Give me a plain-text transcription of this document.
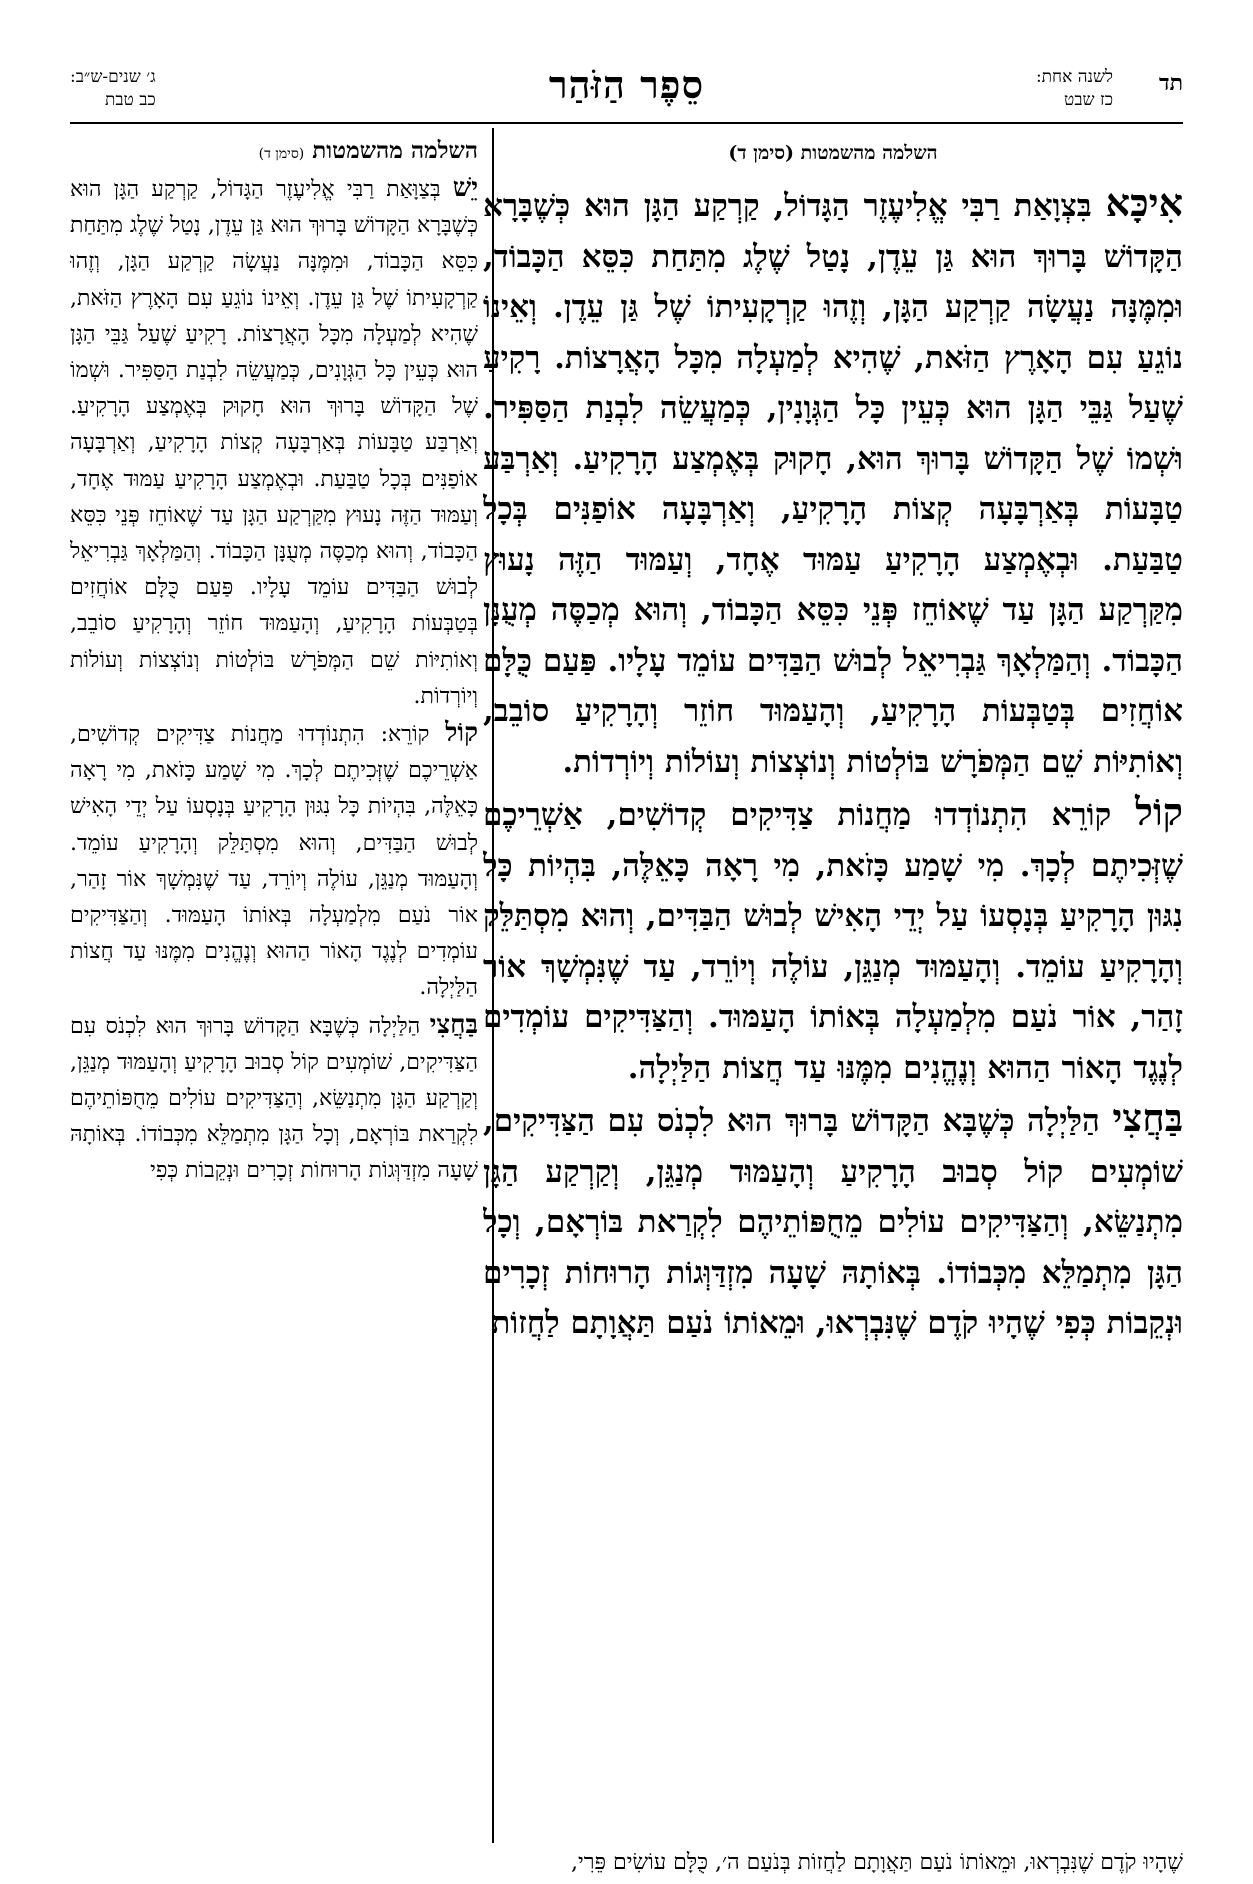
תד
לשנה אחת:
כז שבט
סֵפֶר הַזֹּהַר
ג׳ שנים-ש״ב:
כב טבת
השלמה מהשמטות (סימן ד)

אִיכָּא בִּצְוָאַת רַבִּי אֱלִיעֶזֶר הַגָּדוֹל, קַרְקַע הַגָּן הוּא כְּשֶׁבָּרָא הַקָּדוֹשׁ בָּרוּךְ הוּא גַּן עֵדֶן, נָטַל שֶׁלֶג מִתַּחַת כִּסֵּא הַכָּבוֹד, וּמִמֶּנָּה נַעֲשָׂה קַרְקַע הַגָּן, וְזֶהוּ קַרְקָעִיתוֹ שֶׁל גַּן עֵדֶן. וְאֵינוֹ נוֹגֵעַ עִם הָאָרֶץ הַזֹּאת, שֶׁהִיא לְמַעְלָה מִכָּל הָאֲרָצוֹת. רָקִיעַ שֶׁעַל גַּבֵּי הַגָּן הוּא כְּעֵין כָּל הַגְּוָנִין, כְּמַעֲשֵׂה לִבְנַת הַסַּפִּיר. וּשְׁמוֹ שֶׁל הַקָּדוֹשׁ בָּרוּךְ הוּא, חָקוּק בְּאֶמְצַע הָרָקִיעַ. וְאַרְבַּע טַבָּעוֹת בְּאַרְבָּעָה קְצוֹת הָרָקִיעַ, וְאַרְבָּעָה אוֹפַנִּים בְּכָל טַבַּעַת. וּבְאֶמְצַע הָרָקִיעַ עַמּוּד אֶחָד, וְעַמּוּד הַזֶּה נָעוּץ מִקַּרְקַע הַגָּן עַד שֶׁאוֹחֵז פְּנֵי כִּסֵּא הַכָּבוֹד, וְהוּא מְכַסֶּה מְעֻנָּן הַכָּבוֹד. וְהַמַּלְאָךְ גַּבְרִיאֵל לְבוּשׁ הַבַּדִּים עוֹמֵד עָלָיו. פַּעַם כֻּלָּם אוֹחֲזִים בְּטַבְּעוֹת הָרָקִיעַ, וְהָעַמּוּד חוֹזֵר וְהָרָקִיעַ סוֹבֵב, וְאוֹתִיּוֹת שֵׁם הַמְּפֹרָשׁ בּוֹלְטוֹת וְנוֹצְצוֹת וְעוֹלוֹת וְיוֹרְדוֹת.

קוֹל קוֹרֵא הִתְנוֹדְדוּ מַחֲנוֹת צַדִּיקִים קְדוֹשִׁים, אַשְׁרֵיכֶם שֶׁזְּכִיתֶם לְכָךְ. מִי שָׁמַע כָּזֹאת, מִי רָאָה כָּאֵלֶּה, בִּהְיוֹת כָּל נִגּוּן הָרָקִיעַ בְּנָסְעוֹ עַל יְדֵי הָאִישׁ לְבוּשׁ הַבַּדִּים, וְהוּא מִסְתַּלֵּק וְהָרָקִיעַ עוֹמֵד. וְהָעַמּוּד מְנַגֵּן, עוֹלֶה וְיוֹרֵד, עַד שֶׁנִּמְשָׁךְ אוֹר זָהַר, אוֹר נֹעַם מִלְמַעְלָה בְּאוֹתוֹ הָעַמּוּד. וְהַצַּדִּיקִים עוֹמְדִים לְנֶגֶד הָאוֹר הַהוּא וְנֶהֱנִים מִמֶּנּוּ עַד חֲצוֹת הַלַּיְלָה.

בַּחֲצִי הַלַּיְלָה כְּשֶׁבָּא הַקָּדוֹשׁ בָּרוּךְ הוּא לִכְנֹס עִם הַצַּדִּיקִים, שׁוֹמְעִים קוֹל סְבוּב הָרָקִיעַ וְהָעַמּוּד מְנַגֵּן, וְקַרְקַע הַגָּן מִתְנַשֵּׂא, וְהַצַּדִּיקִים עוֹלִים מֵחֻפּוֹתֵיהֶם לִקְרַאת בּוֹרְאָם, וְכָל הַגָּן מִתְמַלֵּא מִכְּבוֹדוֹ. בְּאוֹתָהּ שָׁעָה מִזְדַּוְּגוֹת הָרוּחוֹת זְכָרִים וּנְקֵבוֹת כְּפִי שֶׁהָיוּ קֹדֶם שֶׁנִּבְרְאוּ, וּמֵאוֹתוֹ נֹעַם תַּאֲוָתָם לַחֲזוֹת

השלמה מהשמטות (סימן ד)

יֵשׁ בְּצַוָּאַת רַבִּי אֱלִיעֶזֶר הַגָּדוֹל, קַרְקַע הַגָּן הוּא כְּשֶׁבָּרָא הַקָּדוֹשׁ בָּרוּךְ הוּא גַּן עֵדֶן, נָטַל שֶׁלֶג מִתַּחַת כִּסֵּא הַכָּבוֹד, וּמִמֶּנָּה נַעֲשָׂה קַרְקַע הַגָּן, וְזֶהוּ קַרְקָעִיתוֹ שֶׁל גַּן עֵדֶן. וְאֵינוֹ נוֹגֵעַ עִם הָאָרֶץ הַזֹּאת, שֶׁהִיא לְמַעְלָה מִכָּל הָאֲרָצוֹת. רָקִיעַ שֶׁעַל גַּבֵּי הַגָּן הוּא כְּעֵין כָּל הַגְּוָנִים, כְּמַעֲשֵׂה לִבְנַת הַסַּפִּיר. וּשְׁמוֹ שֶׁל הַקָּדוֹשׁ בָּרוּךְ הוּא חָקוּק בְּאֶמְצַע הָרָקִיעַ. וְאַרְבַּע טַבָּעוֹת בְּאַרְבָּעָה קְצוֹת הָרָקִיעַ, וְאַרְבָּעָה אוֹפַנִּים בְּכָל טַבַּעַת. וּבְאֶמְצַע הָרָקִיעַ עַמּוּד אֶחָד, וְעַמּוּד הַזֶּה נָעוּץ מִקַּרְקַע הַגָּן עַד שֶׁאוֹחֵז פְּנֵי כִּסֵּא הַכָּבוֹד, וְהוּא מְכַסֶּה מְעֻנָּן הַכָּבוֹד. וְהַמַּלְאָךְ גַּבְרִיאֵל לְבוּשׁ הַבַּדִּים עוֹמֵד עָלָיו. פַּעַם כֻּלָּם אוֹחֲזִים בְּטַבְּעוֹת הָרָקִיעַ, וְהָעַמּוּד חוֹזֵר וְהָרָקִיעַ סוֹבֵב, וְאוֹתִיּוֹת שֵׁם הַמְּפֹרָשׁ בּוֹלְטוֹת וְנוֹצְצוֹת וְעוֹלוֹת וְיוֹרְדוֹת.

קוֹל קוֹרֵא: הִתְנוֹדְדוּ מַחֲנוֹת צַדִּיקִים קְדוֹשִׁים, אַשְׁרֵיכֶם שֶׁזְּכִיתֶם לְכָךְ. מִי שָׁמַע כָּזֹאת, מִי רָאָה כָּאֵלֶּה, בִּהְיוֹת כָּל נִגּוּן הָרָקִיעַ בְּנָסְעוֹ עַל יְדֵי הָאִישׁ לְבוּשׁ הַבַּדִּים, וְהוּא מִסְתַּלֵּק וְהָרָקִיעַ עוֹמֵד. וְהָעַמּוּד מְנַגֵּן, עוֹלֶה וְיוֹרֵד, עַד שֶׁנִּמְשָׁךְ אוֹר זָהַר, אוֹר נֹעַם מִלְמַעְלָה בְּאוֹתוֹ הָעַמּוּד. וְהַצַּדִּיקִים עוֹמְדִים לְנֶגֶד הָאוֹר הַהוּא וְנֶהֱנִים מִמֶּנּוּ עַד חֲצוֹת הַלַּיְלָה.

בַּחֲצִי הַלַּיְלָה כְּשֶׁבָּא הַקָּדוֹשׁ בָּרוּךְ הוּא לִכְנֹס עִם הַצַּדִּיקִים, שׁוֹמְעִים קוֹל סְבוּב הָרָקִיעַ וְהָעַמּוּד מְנַגֵּן, וְקַרְקַע הַגָּן מִתְנַשֵּׂא, וְהַצַּדִּיקִים עוֹלִים מֵחֻפּוֹתֵיהֶם לִקְרַאת בּוֹרְאָם, וְכָל הַגָּן מִתְמַלֵּא מִכְּבוֹדוֹ. בְּאוֹתָהּ שָׁעָה מִזְדַּוְּגוֹת הָרוּחוֹת זְכָרִים וּנְקֵבוֹת כְּפִי

שֶׁהָיוּ קֹדֶם שֶׁנִּבְרְאוּ, וּמֵאוֹתוֹ נֹעַם תַּאֲוָתָם לַחֲזוֹת בְּנֹעַם ה׳, כֻּלָּם עוֹשִׂים פֵּרִי,
